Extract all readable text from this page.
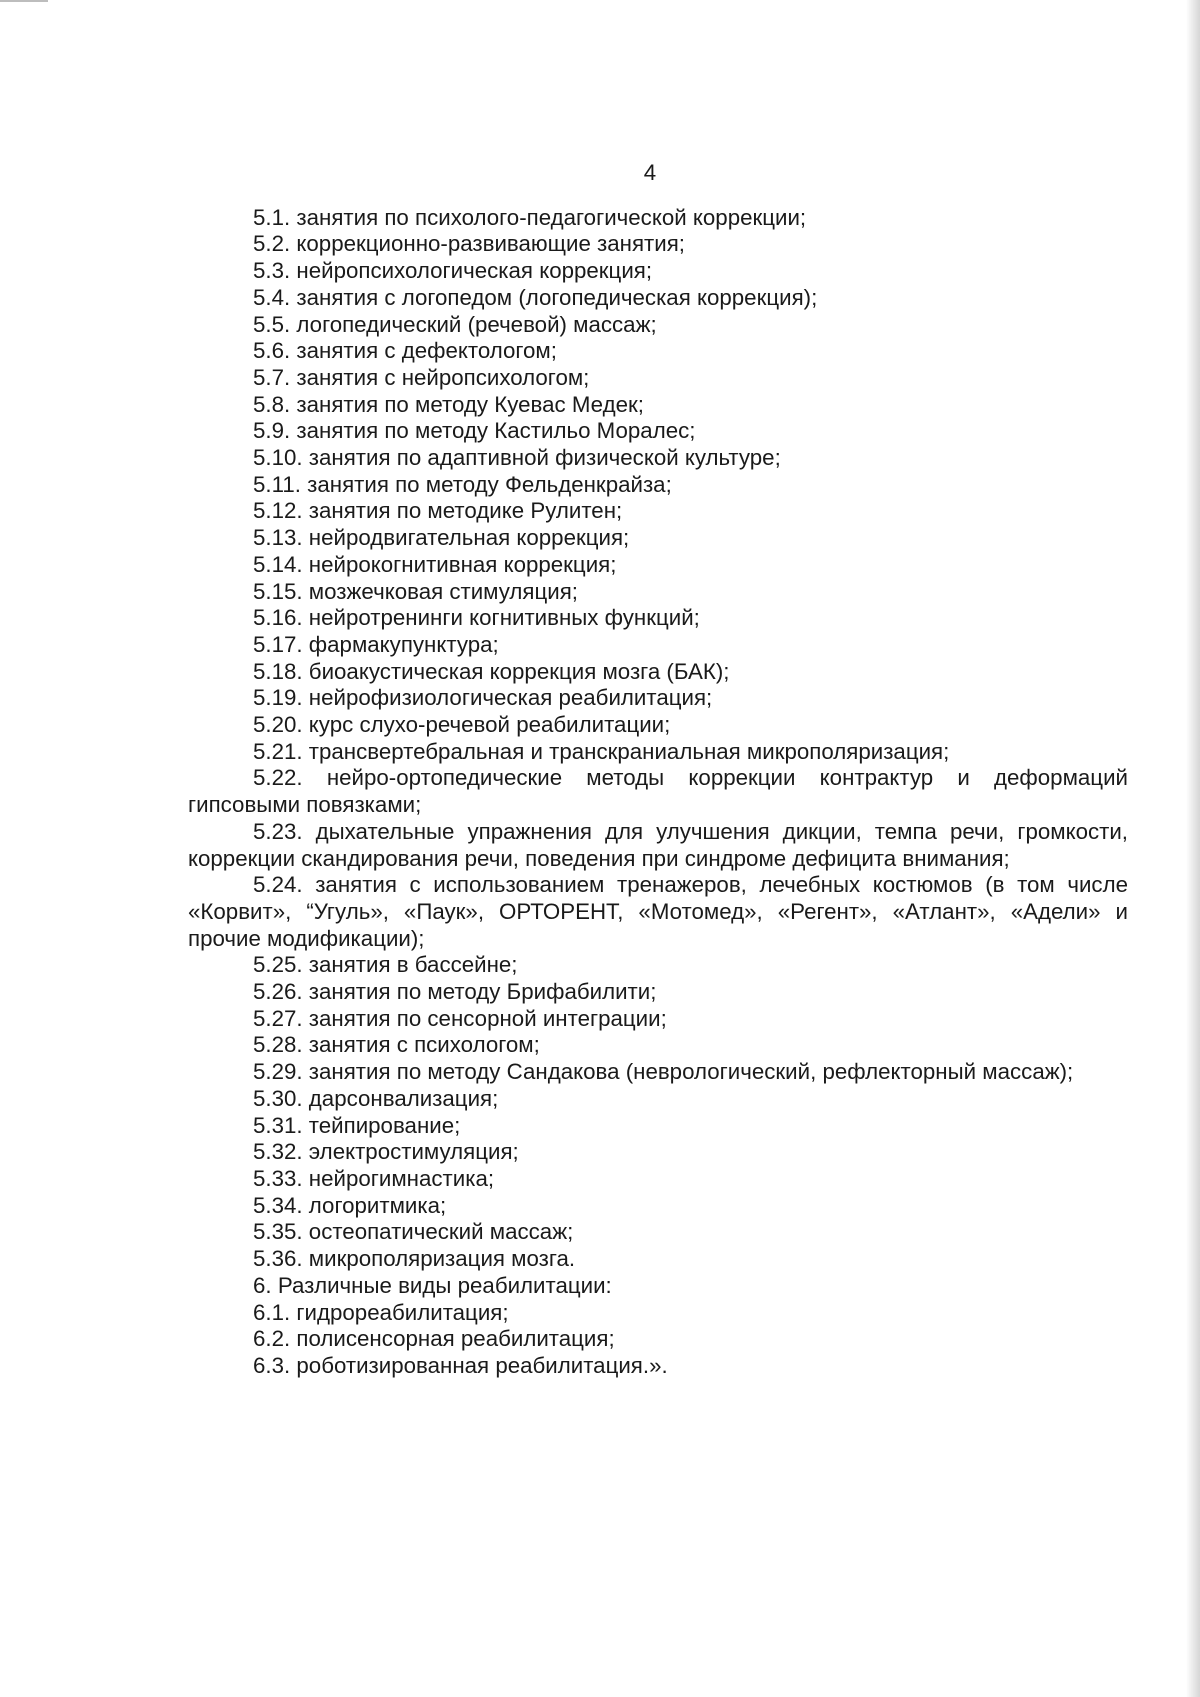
4

5.1. занятия по психолого-педагогической коррекции;

5.2. коррекционно-развивающие занятия;

5.3. нейропсихологическая коррекция;

5.4. занятия с логопедом (логопедическая коррекция);

5.5. логопедический (речевой) массаж;

5.6. занятия с дефектологом;

5.7. занятия с нейропсихологом;

5.8. занятия по методу Куевас Медек;

5.9. занятия по методу Кастильо Моралес;

5.10. занятия по адаптивной физической культуре;

5.11. занятия по методу Фельденкрайза;

5.12. занятия по методике Рулитен;

5.13. нейродвигательная коррекция;

5.14. нейрокогнитивная коррекция;

5.15. мозжечковая стимуляция;

5.16. нейротренинги когнитивных функций;

5.17. фармакупунктура;

5.18. биоакустическая коррекция мозга (БАК);

5.19. нейрофизиологическая реабилитация;

5.20. курс слухо-речевой реабилитации;

5.21. трансвертебральная и транскраниальная микрополяризация;

5.22. нейро-ортопедические методы коррекции контрактур и деформаций гипсовыми повязками;

5.23. дыхательные упражнения для улучшения дикции, темпа речи, громкости, коррекции скандирования речи, поведения при синдроме дефицита внимания;

5.24. занятия с использованием тренажеров, лечебных костюмов (в том числе «Корвит», “Угуль», «Паук», ОРТОРЕНТ, «Мотомед», «Регент», «Атлант», «Адели» и прочие модификации);

5.25. занятия в бассейне;

5.26. занятия по методу Брифабилити;

5.27. занятия по сенсорной интеграции;

5.28. занятия с психологом;

5.29. занятия по методу Сандакова (неврологический, рефлекторный массаж);

5.30. дарсонвализация;

5.31. тейпирование;

5.32. электростимуляция;

5.33. нейрогимнастика;

5.34. логоритмика;

5.35. остеопатический массаж;

5.36. микрополяризация мозга.

6. Различные виды реабилитации:

6.1. гидрореабилитация;

6.2. полисенсорная реабилитация;

6.3. роботизированная реабилитация.».
